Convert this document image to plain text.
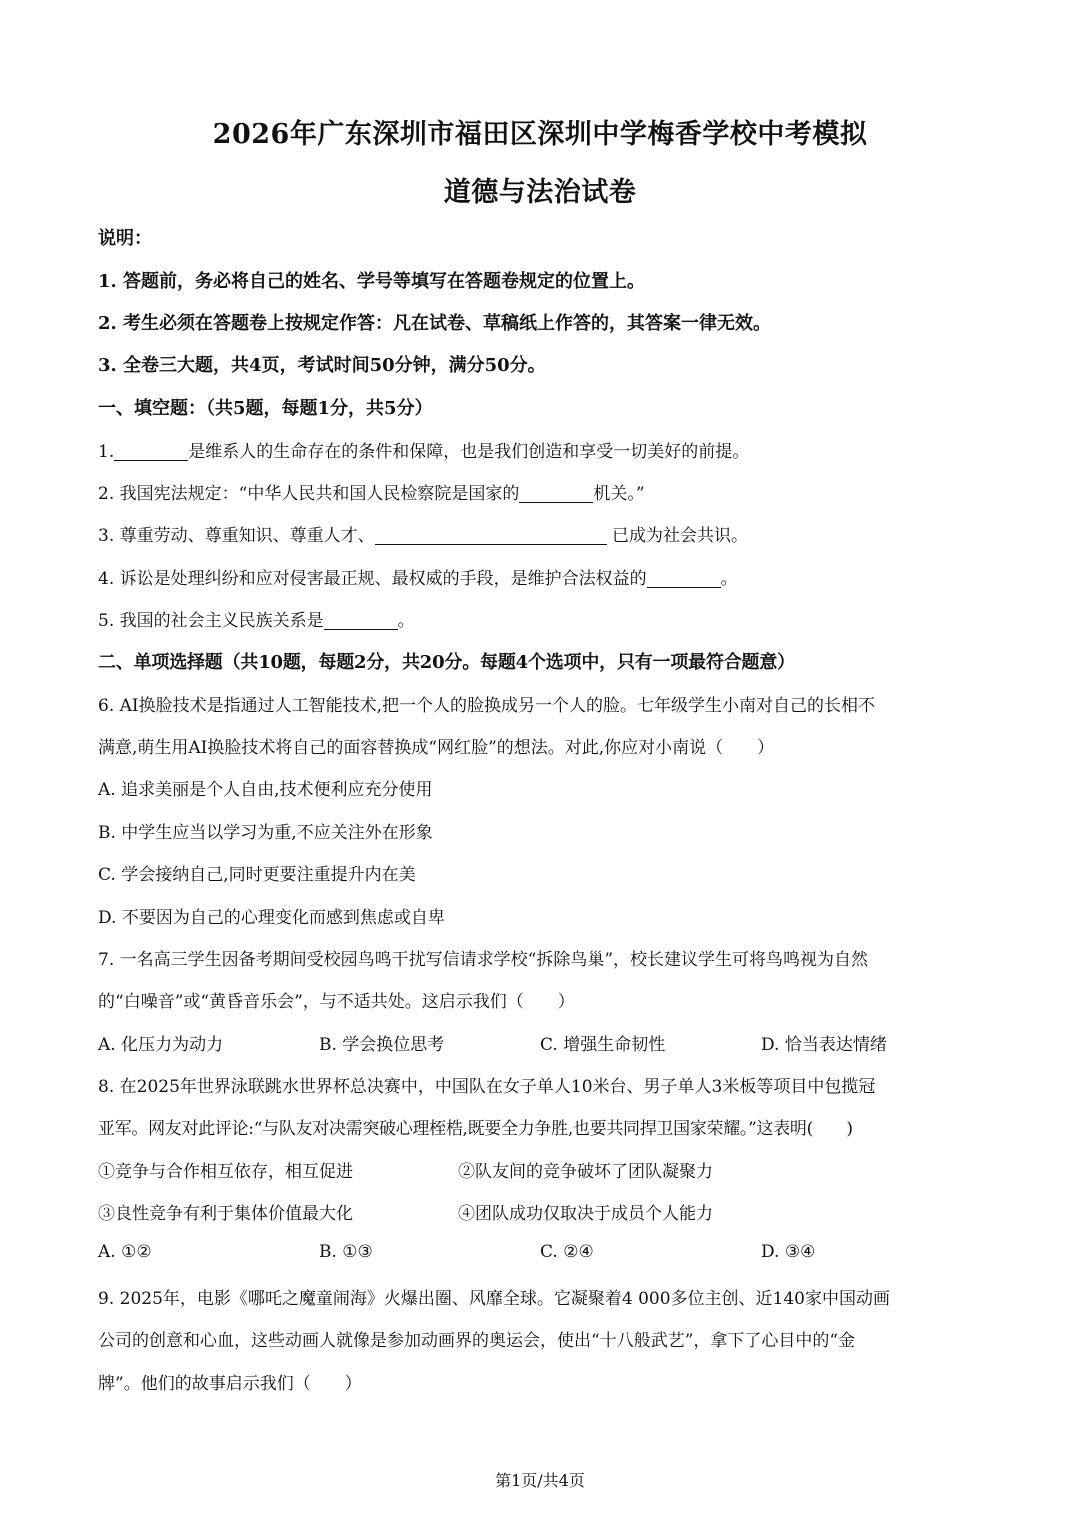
2026年广东深圳市福田区深圳中学梅香学校中考模拟
道德与法治试卷
说明：
1. 答题前，务必将自己的姓名、学号等填写在答题卷规定的位置上。
2. 考生必须在答题卷上按规定作答：凡在试卷、草稿纸上作答的，其答案一律无效。
3. 全卷三大题，共4页，考试时间50分钟，满分50分。
一、填空题：（共5题，每题1分，共5分）
1.	是维系人的生命存在的条件和保障，也是我们创造和享受一切美好的前提。
2. 我国宪法规定：“中华人民共和国人民检察院是国家的	机关。”
3. 尊重劳动、尊重知识、尊重人才、	已成为社会共识。
4. 诉讼是处理纠纷和应对侵害最正规、最权威的手段，是维护合法权益的	。
5. 我国的社会主义民族关系是	。
二、单项选择题（共10题，每题2分，共20分。每题4个选项中，只有一项最符合题意）
6. AI换脸技术是指通过人工智能技术,把一个人的脸换成另一个人的脸。七年级学生小南对自己的长相不
满意,萌生用AI换脸技术将自己的面容替换成“网红脸”的想法。对此,你应对小南说（　　）
A. 追求美丽是个人自由,技术便利应充分使用
B. 中学生应当以学习为重,不应关注外在形象
C. 学会接纳自己,同时更要注重提升内在美
D. 不要因为自己的心理变化而感到焦虑或自卑
7. 一名高三学生因备考期间受校园鸟鸣干扰写信请求学校“拆除鸟巢”，校长建议学生可将鸟鸣视为自然
的“白噪音”或“黄昏音乐会”，与不适共处。这启示我们（　　）
A. 化压力为动力	B. 学会换位思考	C. 增强生命韧性	D. 恰当表达情绪
8. 在2025年世界泳联跳水世界杯总决赛中，中国队在女子单人10米台、男子单人3米板等项目中包揽冠
亚军。网友对此评论:“与队友对决需突破心理桎梏,既要全力争胜,也要共同捍卫国家荣耀。”这表明(　　)
①竞争与合作相互依存，相互促进	②队友间的竞争破坏了团队凝聚力
③良性竞争有利于集体价值最大化	④团队成功仅取决于成员个人能力
A. ①②	B. ①③	C. ②④	D. ③④
9. 2025年，电影《哪吒之魔童闹海》火爆出圈、风靡全球。它凝聚着4 000多位主创、近140家中国动画
公司的创意和心血，这些动画人就像是参加动画界的奥运会，使出“十八般武艺”，拿下了心目中的“金
牌”。他们的故事启示我们（　　）
第1页/共4页
